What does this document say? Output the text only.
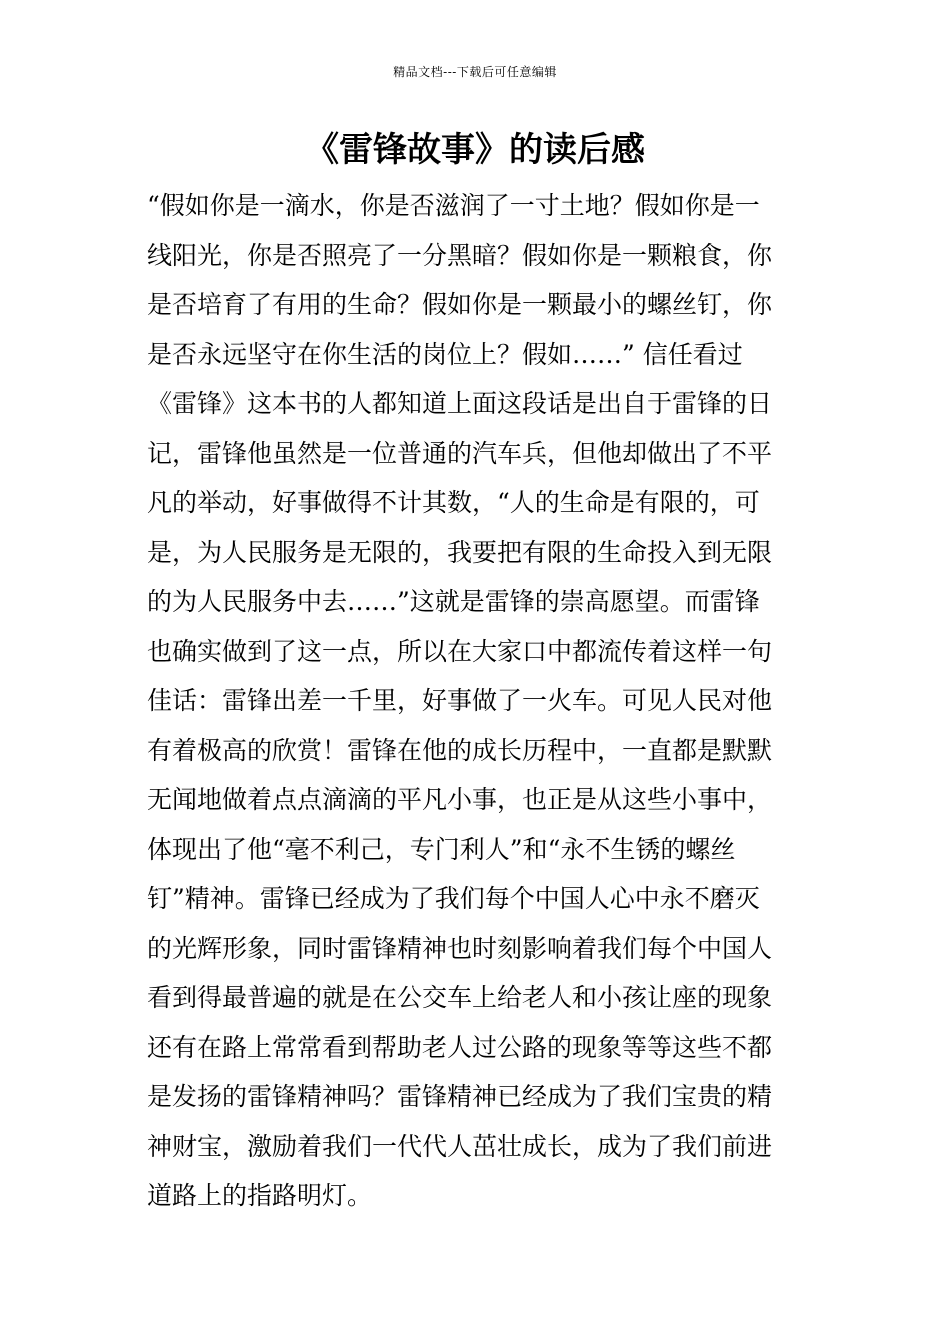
精品文档---下载后可任意编辑
《雷锋故事》的读后感
“假如你是一滴水，你是否滋润了一寸土地？假如你是一
线阳光，你是否照亮了一分黑暗？假如你是一颗粮食，你
是否培育了有用的生命？假如你是一颗最小的螺丝钉，你
是否永远坚守在你生活的岗位上？假如……” 信任看过
《雷锋》这本书的人都知道上面这段话是出自于雷锋的日
记，雷锋他虽然是一位普通的汽车兵，但他却做出了不平
凡的举动，好事做得不计其数，“人的生命是有限的，可
是，为人民服务是无限的，我要把有限的生命投入到无限
的为人民服务中去……”这就是雷锋的崇高愿望。而雷锋
也确实做到了这一点，所以在大家口中都流传着这样一句
佳话：雷锋出差一千里，好事做了一火车。可见人民对他
有着极高的欣赏！雷锋在他的成长历程中，一直都是默默
无闻地做着点点滴滴的平凡小事，也正是从这些小事中，
体现出了他“毫不利己，专门利人”和“永不生锈的螺丝
钉”精神。雷锋已经成为了我们每个中国人心中永不磨灭
的光辉形象，同时雷锋精神也时刻影响着我们每个中国人
看到得最普遍的就是在公交车上给老人和小孩让座的现象
还有在路上常常看到帮助老人过公路的现象等等这些不都
是发扬的雷锋精神吗？雷锋精神已经成为了我们宝贵的精
神财宝，激励着我们一代代人茁壮成长，成为了我们前进
道路上的指路明灯。
